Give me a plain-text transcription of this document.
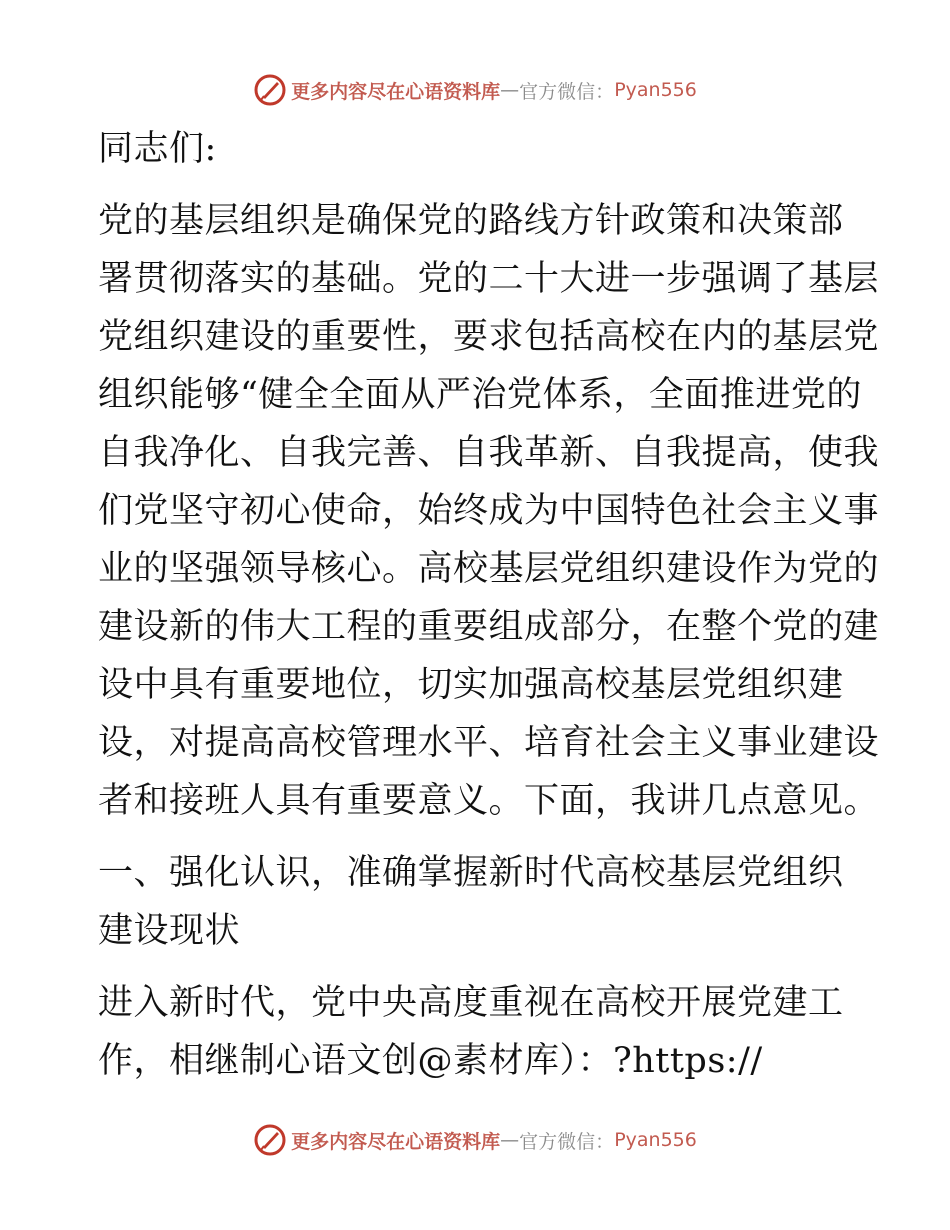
更多内容尽在心语资料库 — 官方微信： Pyan556
同志们:
党的基层组织是确保党的路线方针政策和决策部
署贯彻落实的基础。党的二十大进一步强调了基层
党组织建设的重要性，要求包括高校在内的基层党
组织能够“健全全面从严治党体系，全面推进党的
自我净化、自我完善、自我革新、自我提高，使我
们党坚守初心使命，始终成为中国特色社会主义事
业的坚强领导核心。高校基层党组织建设作为党的
建设新的伟大工程的重要组成部分，在整个党的建
设中具有重要地位，切实加强高校基层党组织建
设，对提高高校管理水平、培育社会主义事业建设
者和接班人具有重要意义。下面，我讲几点意见。
一、强化认识，准确掌握新时代高校基层党组织
建设现状
进入新时代，党中央高度重视在高校开展党建工
作，相继制心语文创@素材库）：?https://
更多内容尽在心语资料库 — 官方微信： Pyan556
